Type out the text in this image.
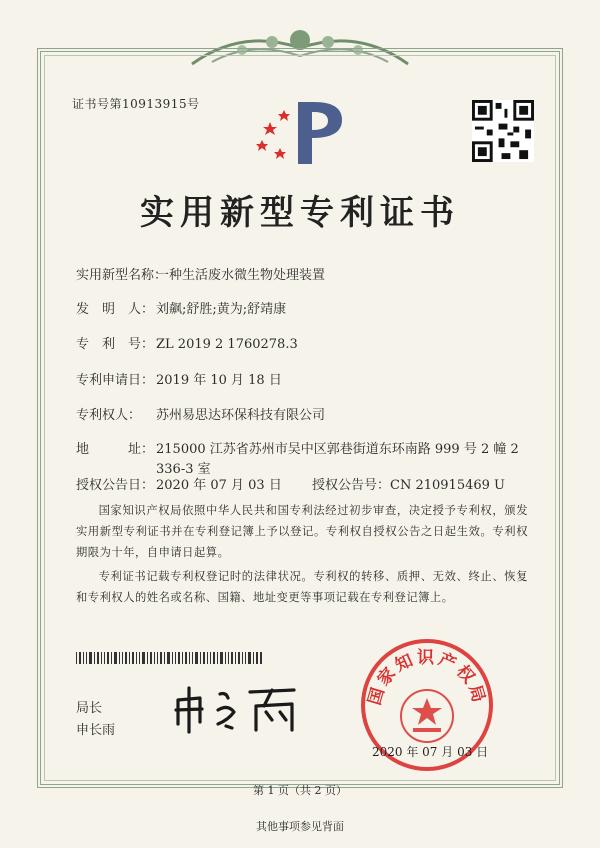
证书号第10913915号
实用新型专利证书
实用新型名称：一种生活废水微生物处理装置
发　明　人： 刘飙;舒胜;黄为;舒靖康
专　利　号： ZL 2019 2 1760278.3
专利申请日： 2019 年 10 月 18 日
专利权人： 苏州易思达环保科技有限公司
地　　　址： 215000 江苏省苏州市吴中区郭巷街道东环南路 999 号 2 幢 2
336-3 室
授权公告日： 2020 年 07 月 03 日 授权公告号：CN 210915469 U
国家知识产权局依照中华人民共和国专利法经过初步审查，决定授予专利权，颁发实用新型专利证书并在专利登记簿上予以登记。专利权自授权公告之日起生效。专利权期限为十年，自申请日起算。
专利证书记载专利权登记时的法律状况。专利权的转移、质押、无效、终止、恢复和专利权人的姓名或名称、国籍、地址变更等事项记载在专利登记簿上。
局长
申长雨
国家知识产权局
2020 年 07 月 03 日
第 1 页（共 2 页）
其他事项参见背面
